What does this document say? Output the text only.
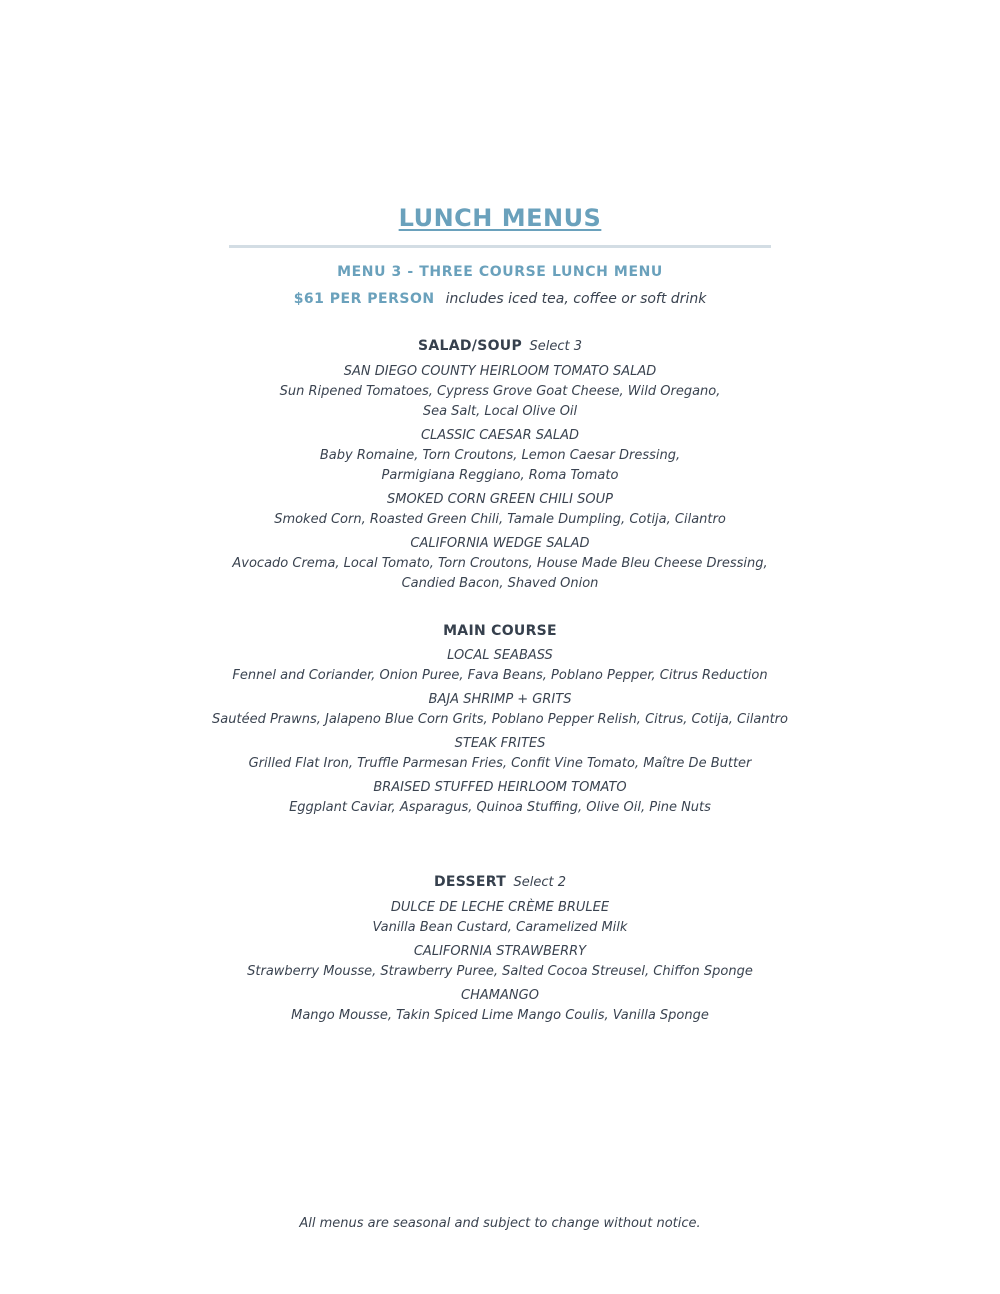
LUNCH MENUS
MENU 3 - THREE COURSE LUNCH MENU
$61 PER PERSON includes iced tea, coffee or soft drink
SALAD/SOUP Select 3
SAN DIEGO COUNTY HEIRLOOM TOMATO SALAD
Sun Ripened Tomatoes, Cypress Grove Goat Cheese, Wild Oregano,
Sea Salt, Local Olive Oil
CLASSIC CAESAR SALAD
Baby Romaine, Torn Croutons, Lemon Caesar Dressing,
Parmigiana Reggiano, Roma Tomato
SMOKED CORN GREEN CHILI SOUP
Smoked Corn, Roasted Green Chili, Tamale Dumpling, Cotija, Cilantro
CALIFORNIA WEDGE SALAD
Avocado Crema, Local Tomato, Torn Croutons, House Made Bleu Cheese Dressing,
Candied Bacon, Shaved Onion
MAIN COURSE
LOCAL SEABASS
Fennel and Coriander, Onion Puree, Fava Beans, Poblano Pepper, Citrus Reduction
BAJA SHRIMP + GRITS
Sautéed Prawns, Jalapeno Blue Corn Grits, Poblano Pepper Relish, Citrus, Cotija, Cilantro
STEAK FRITES
Grilled Flat Iron, Truffle Parmesan Fries, Confit Vine Tomato, Maître De Butter
BRAISED STUFFED HEIRLOOM TOMATO
Eggplant Caviar, Asparagus, Quinoa Stuffing, Olive Oil, Pine Nuts
DESSERT Select 2
DULCE DE LECHE CRÈME BRULEE
Vanilla Bean Custard, Caramelized Milk
CALIFORNIA STRAWBERRY
Strawberry Mousse, Strawberry Puree, Salted Cocoa Streusel, Chiffon Sponge
CHAMANGO
Mango Mousse, Takin Spiced Lime Mango Coulis, Vanilla Sponge
All menus are seasonal and subject to change without notice.
